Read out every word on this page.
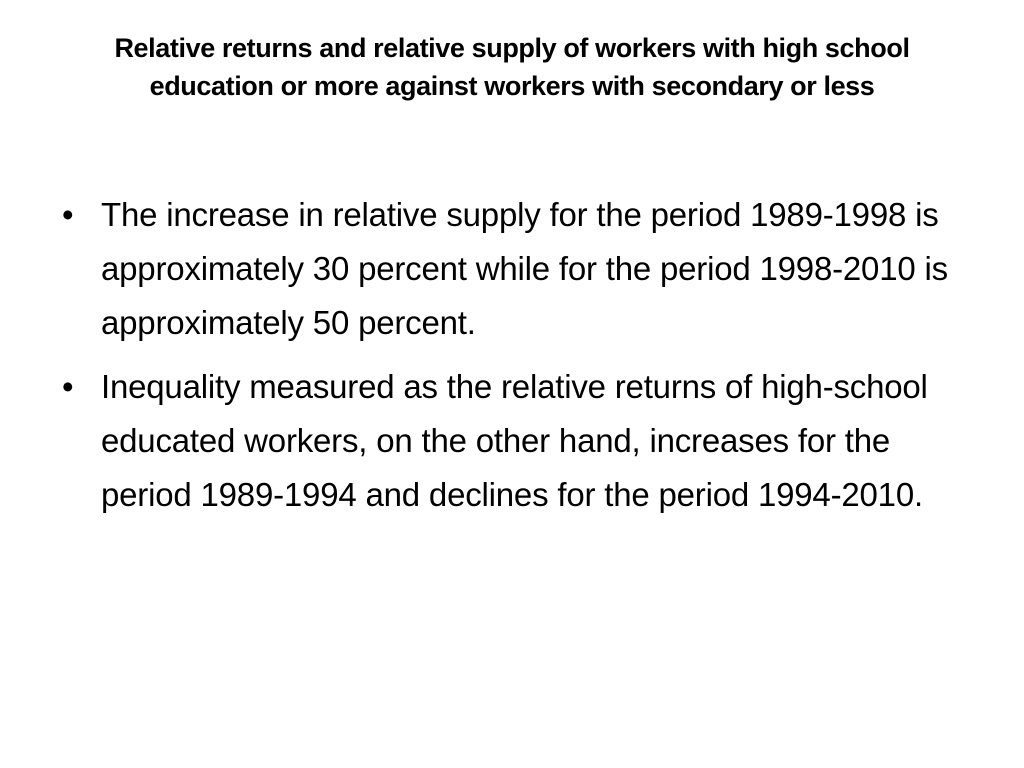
Relative returns and relative supply of workers with high school education or more against workers with secondary or less
• The increase in relative supply for the period 1989-1998 is approximately 30 percent while for the period 1998-2010 is approximately 50 percent.
• Inequality measured as the relative returns of high-school educated workers, on the other hand, increases for the period 1989-1994 and declines for the period 1994-2010.
